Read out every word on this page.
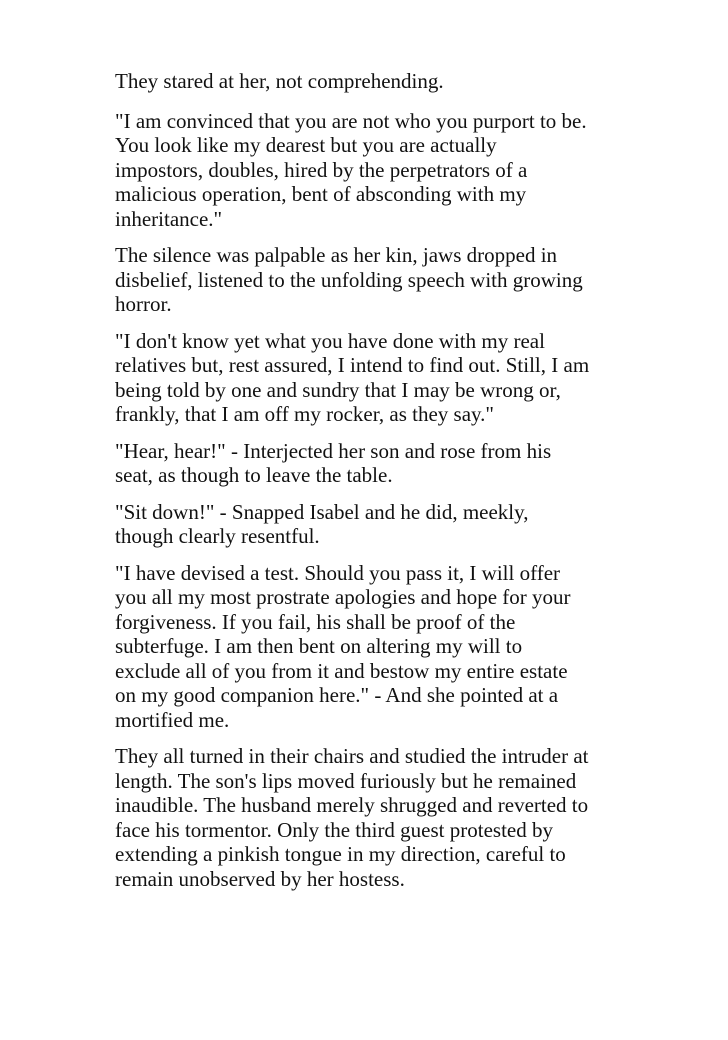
They stared at her, not comprehending.

"I am convinced that you are not who you purport to be.
You look like my dearest but you are actually
impostors, doubles, hired by the perpetrators of a
malicious operation, bent of absconding with my
inheritance."

The silence was palpable as her kin, jaws dropped in
disbelief, listened to the unfolding speech with growing
horror.

"I don't know yet what you have done with my real
relatives but, rest assured, I intend to find out. Still, I am
being told by one and sundry that I may be wrong or,
frankly, that I am off my rocker, as they say."

"Hear, hear!" - Interjected her son and rose from his
seat, as though to leave the table.

"Sit down!" - Snapped Isabel and he did, meekly,
though clearly resentful.

"I have devised a test. Should you pass it, I will offer
you all my most prostrate apologies and hope for your
forgiveness. If you fail, his shall be proof of the
subterfuge. I am then bent on altering my will to
exclude all of you from it and bestow my entire estate
on my good companion here." - And she pointed at a
mortified me.

They all turned in their chairs and studied the intruder at
length. The son's lips moved furiously but he remained
inaudible. The husband merely shrugged and reverted to
face his tormentor. Only the third guest protested by
extending a pinkish tongue in my direction, careful to
remain unobserved by her hostess.
